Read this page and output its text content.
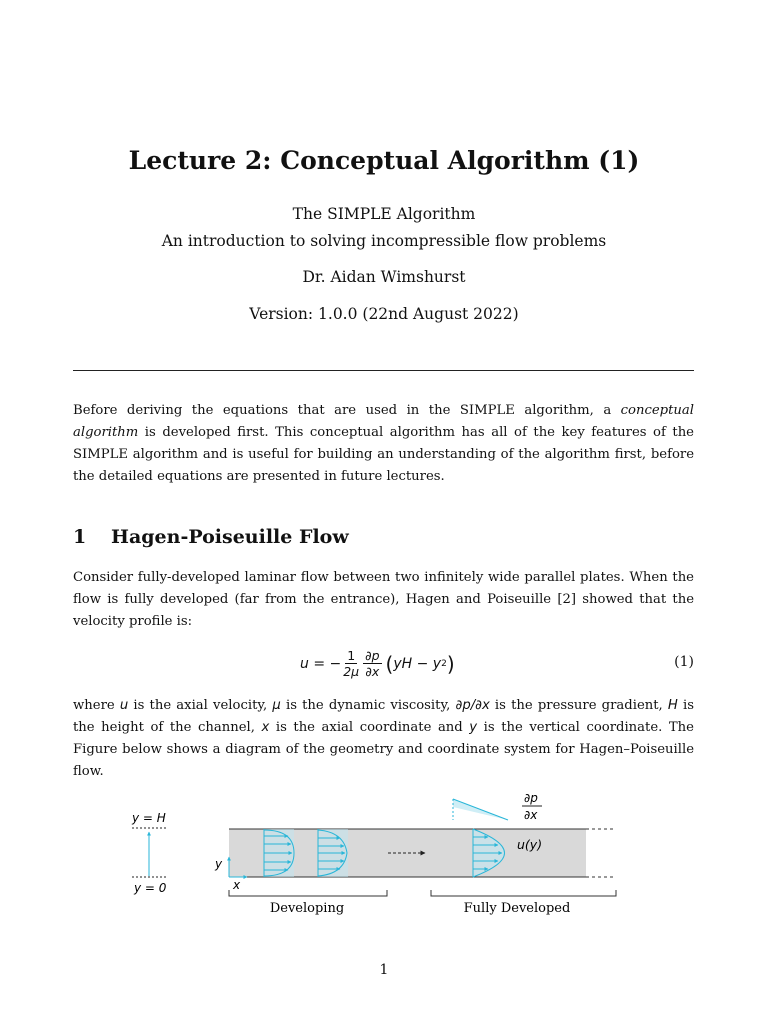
Lecture 2: Conceptual Algorithm (1)
The SIMPLE Algorithm
An introduction to solving incompressible flow problems
Dr. Aidan Wimshurst
Version: 1.0.0 (22nd August 2022)
Before deriving the equations that are used in the SIMPLE algorithm, a conceptual algorithm is developed first. This conceptual algorithm has all of the key features of the SIMPLE algorithm and is useful for building an understanding of the algorithm first, before the detailed equations are presented in future lectures.
1 Hagen-Poiseuille Flow
Consider fully-developed laminar flow between two infinitely wide parallel plates. When the flow is fully developed (far from the entrance), Hagen and Poiseuille [2] showed that the velocity profile is:
u = − $\frac{1}{2\mu} \frac{\partial p}{\partial x}$ ( yH − y 2 )	(1)
where u is the axial velocity, μ is the dynamic viscosity, ∂p/∂x is the pressure gradient, H is the height of the channel, x is the axial coordinate and y is the vertical coordinate. The Figure below shows a diagram of the geometry and coordinate system for Hagen–Poiseuille flow.
y = H
y = 0
y
x
u(y)
∂p
∂x
Developing	Fully Developed
1
